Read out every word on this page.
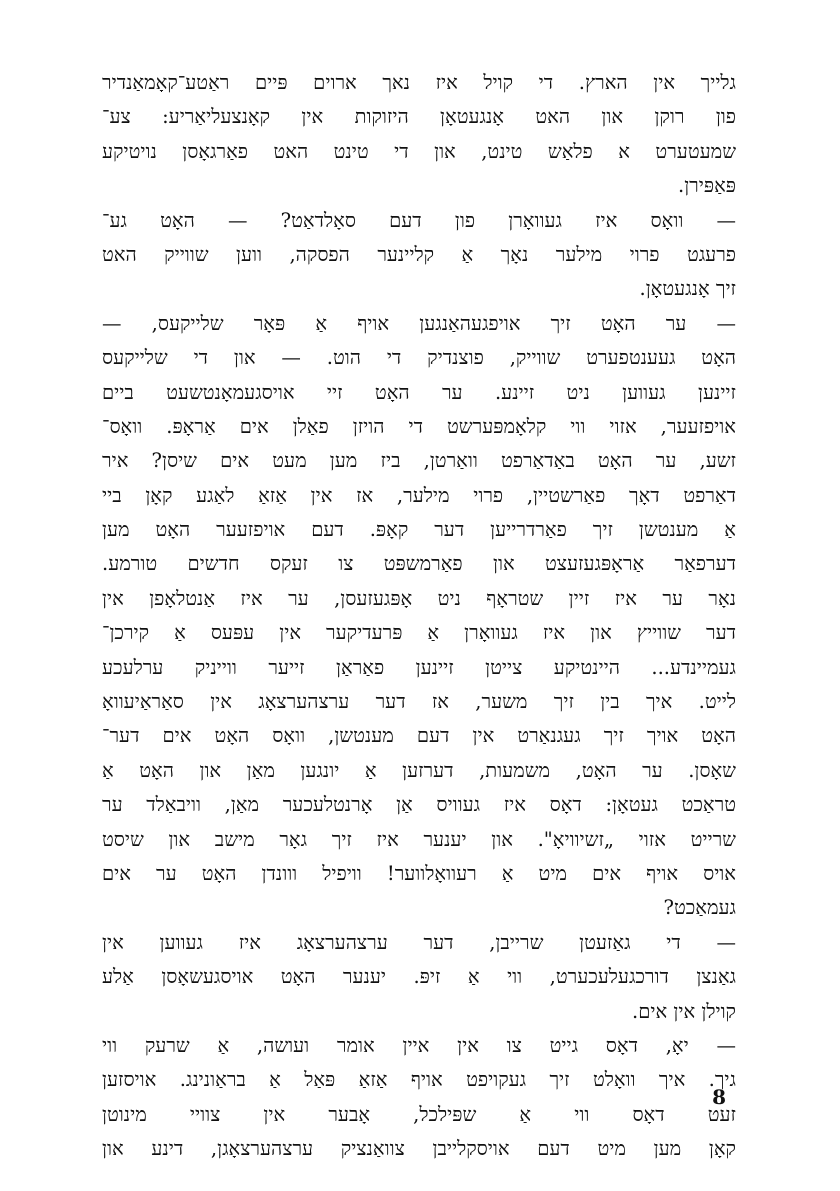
גלייך אין הארץ. די קויל איז נאך ארוים פּיים ראַטע־קאָמאַנדיר
פון רוקן און האט אָנגעטאָן היזוקות אין קאָנצעליאַריע: צע־
שמעטערט א פלאַש טינט, און די טינט האט פאַרגאָסן נויטיקע
פּאַפּירן.
— וואָס איז געוואָרן פון דעם סאָלדאַט? — האָט גע־
פרעגט פרוי מילער נאָך אַ קליינער הפסקה, ווען שווייק האט
זיך אָנגעטאָן.
— ער האָט זיך אויפגעהאַנגען אויף אַ פּאָר שלייקעס, —
האָט געענטפערט שווייק, פוצנדיק די הוט. — און די שלייקעס
זיינען געווען ניט זיינע. ער האָט זיי אויסגעמאָנטשעט ביים
אויפזעער, אזוי ווי קלאָמפּערשט די הויזן פאַלן אים אַראָפּ. וואָס־
זשע, ער האָט באַדאַרפט וואַרטן, ביז מען מעט אים שיסן? איר
דאַרפט דאָך פאַרשטיין, פרוי מילער, אז אין אַזאַ לאַגע קאָן ביי
אַ מענטשן זיך פאַרדרייען דער קאָפּ. דעם אויפזעער האָט מען
דערפאַר אַראָפּגעזעצט און פאַרמשפּט צו זעקס חדשים טורמע.
נאָר ער איז זיין שטראָף ניט אָפּגעזעסן, ער איז אַנטלאָפן אין
דער שווייץ און איז געוואָרן אַ פּרעדיקער אין עפּעס אַ קירכן־
געמיינדע... היינטיקע צייטן זיינען פאַראַן זייער ווייניק ערלעכע
לייט. איך בין זיך משער, אז דער ערצהערצאָג אין סאַראַיעוואָ
האָט אויך זיך געגנאַרט אין דעם מענטשן, וואָס האָט אים דער־
שאָסן. ער האָט, משמעות, דערזען אַ יונגען מאַן און האָט אַ
טראַכט געטאָן: דאָס איז געוויס אַן אָרנטלעכער מאַן, וויבאַלד ער
שרייט אזוי „זשיוויאָ". און יענער איז זיך גאָר מישב און שיסט
אויס אויף אים מיט אַ רעוואָלווער! וויפיל ווונדן האָט ער אים
געמאַכט?
— די גאַזעטן שרייבן, דער ערצהערצאָג איז געווען אין
גאַנצן דורכגעלעכערט, ווי אַ זיפּ. יענער האָט אויסגעשאָסן אַלע
קוילן אין אים.
— יאָ, דאָס גייט צו אין איין אומר ועושה, אַ שרעק ווי
גיך. איך וואָלט זיך געקויפט אויף אַזאַ פּאַל אַ בראַונינג. אויסזען
זעט דאָס ווי אַ שפּילכל, אָבער אין צוויי מינוטן
קאָן מען מיט דעם אויסקלייבן צוואַנציק ערצהערצאָגן, דינע און
8
